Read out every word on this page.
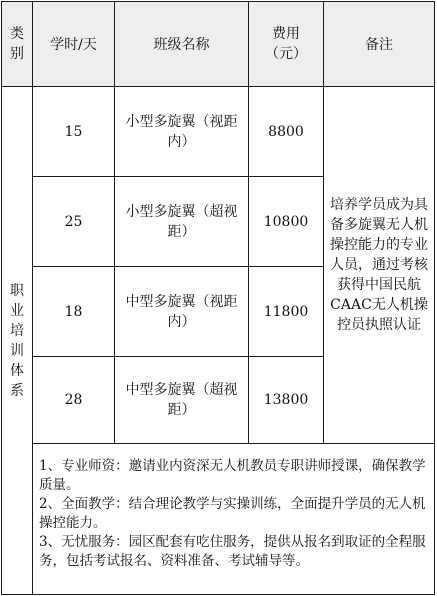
类别
学时/天	班级名称
费用（元）
备注
职业培训体系
15
小型多旋翼（视距内）
8800
25
小型多旋翼（超视距）
10800
18
中型多旋翼（视距内）
11800
28
中型多旋翼（超视距）
13800
培养学员成为具备多旋翼无人机操控能力的专业人员，通过考核获得中国民航CAAC无人机操控员执照认证

1、专业师资：邀请业内资深无人机教员专职讲师授课，确保教学质量。

2、全面教学：结合理论教学与实操训练，全面提升学员的无人机操控能力。

3、无忧服务：园区配套有吃住服务，提供从报名到取证的全程服务，包括考试报名、资料准备、考试辅导等。
